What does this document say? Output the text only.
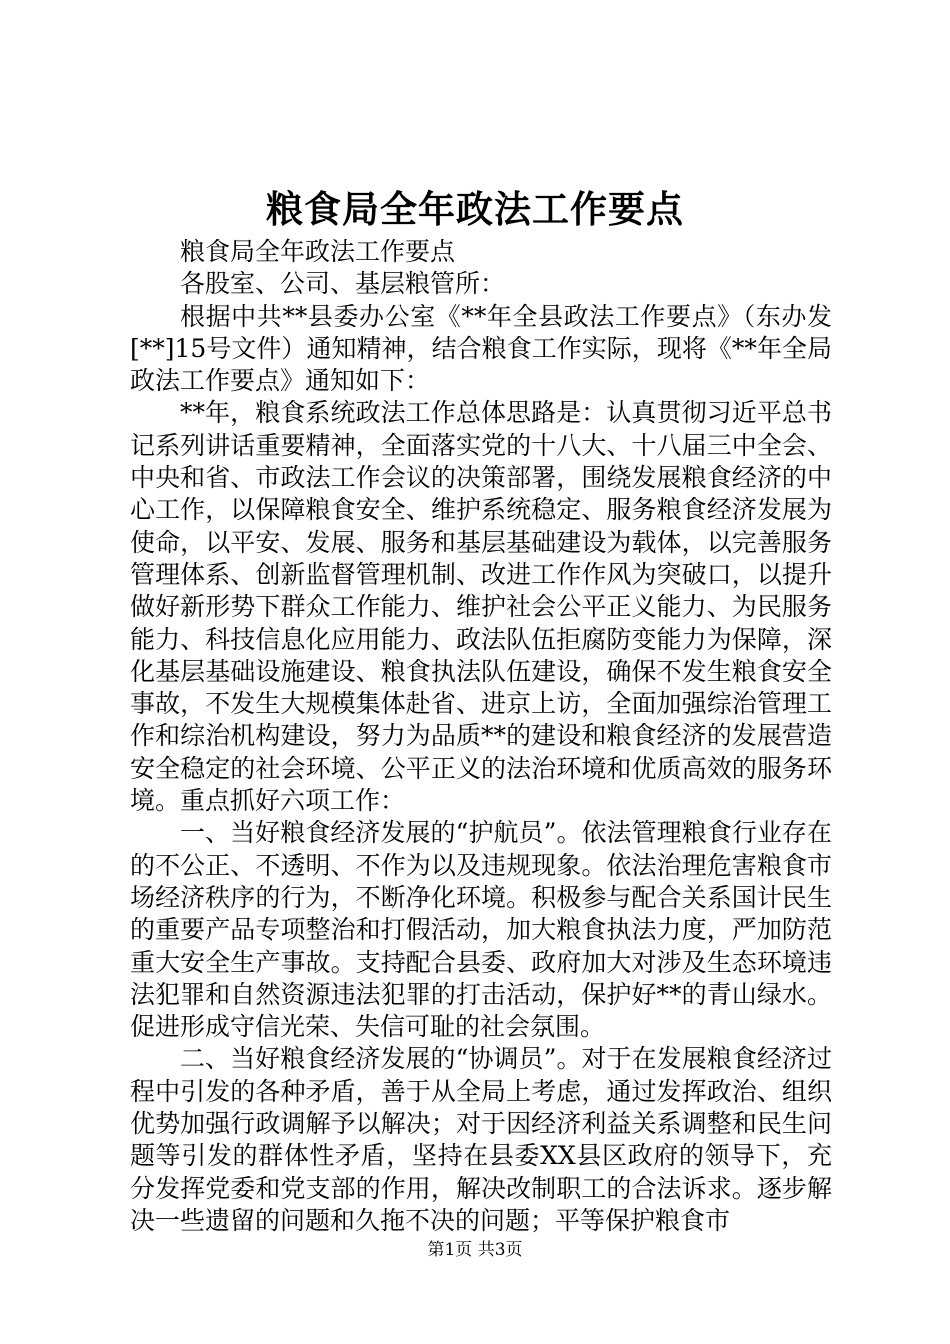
粮食局全年政法工作要点

粮食局全年政法工作要点

各股室、公司、基层粮管所：

根据中共**县委办公室《**年全县政法工作要点》（东办发[**]15号文件）通知精神，结合粮食工作实际，现将《**年全局政法工作要点》通知如下：

**年，粮食系统政法工作总体思路是：认真贯彻习近平总书记系列讲话重要精神，全面落实党的十八大、十八届三中全会、中央和省、市政法工作会议的决策部署，围绕发展粮食经济的中心工作，以保障粮食安全、维护系统稳定、服务粮食经济发展为使命，以平安、发展、服务和基层基础建设为载体，以完善服务管理体系、创新监督管理机制、改进工作作风为突破口，以提升做好新形势下群众工作能力、维护社会公平正义能力、为民服务能力、科技信息化应用能力、政法队伍拒腐防变能力为保障，深化基层基础设施建设、粮食执法队伍建设，确保不发生粮食安全事故，不发生大规模集体赴省、进京上访，全面加强综治管理工作和综治机构建设，努力为品质**的建设和粮食经济的发展营造安全稳定的社会环境、公平正义的法治环境和优质高效的服务环境。重点抓好六项工作：

一、当好粮食经济发展的“护航员”。依法管理粮食行业存在的不公正、不透明、不作为以及违规现象。依法治理危害粮食市场经济秩序的行为，不断净化环境。积极参与配合关系国计民生的重要产品专项整治和打假活动，加大粮食执法力度，严加防范重大安全生产事故。支持配合县委、政府加大对涉及生态环境违法犯罪和自然资源违法犯罪的打击活动，保护好**的青山绿水。促进形成守信光荣、失信可耻的社会氛围。

二、当好粮食经济发展的“协调员”。对于在发展粮食经济过程中引发的各种矛盾，善于从全局上考虑，通过发挥政治、组织优势加强行政调解予以解决；对于因经济利益关系调整和民生问题等引发的群体性矛盾，坚持在县委XX县区政府的领导下，充分发挥党委和党支部的作用，解决改制职工的合法诉求。逐步解决一些遗留的问题和久拖不决的问题；平等保护粮食市

第1页 共3页
